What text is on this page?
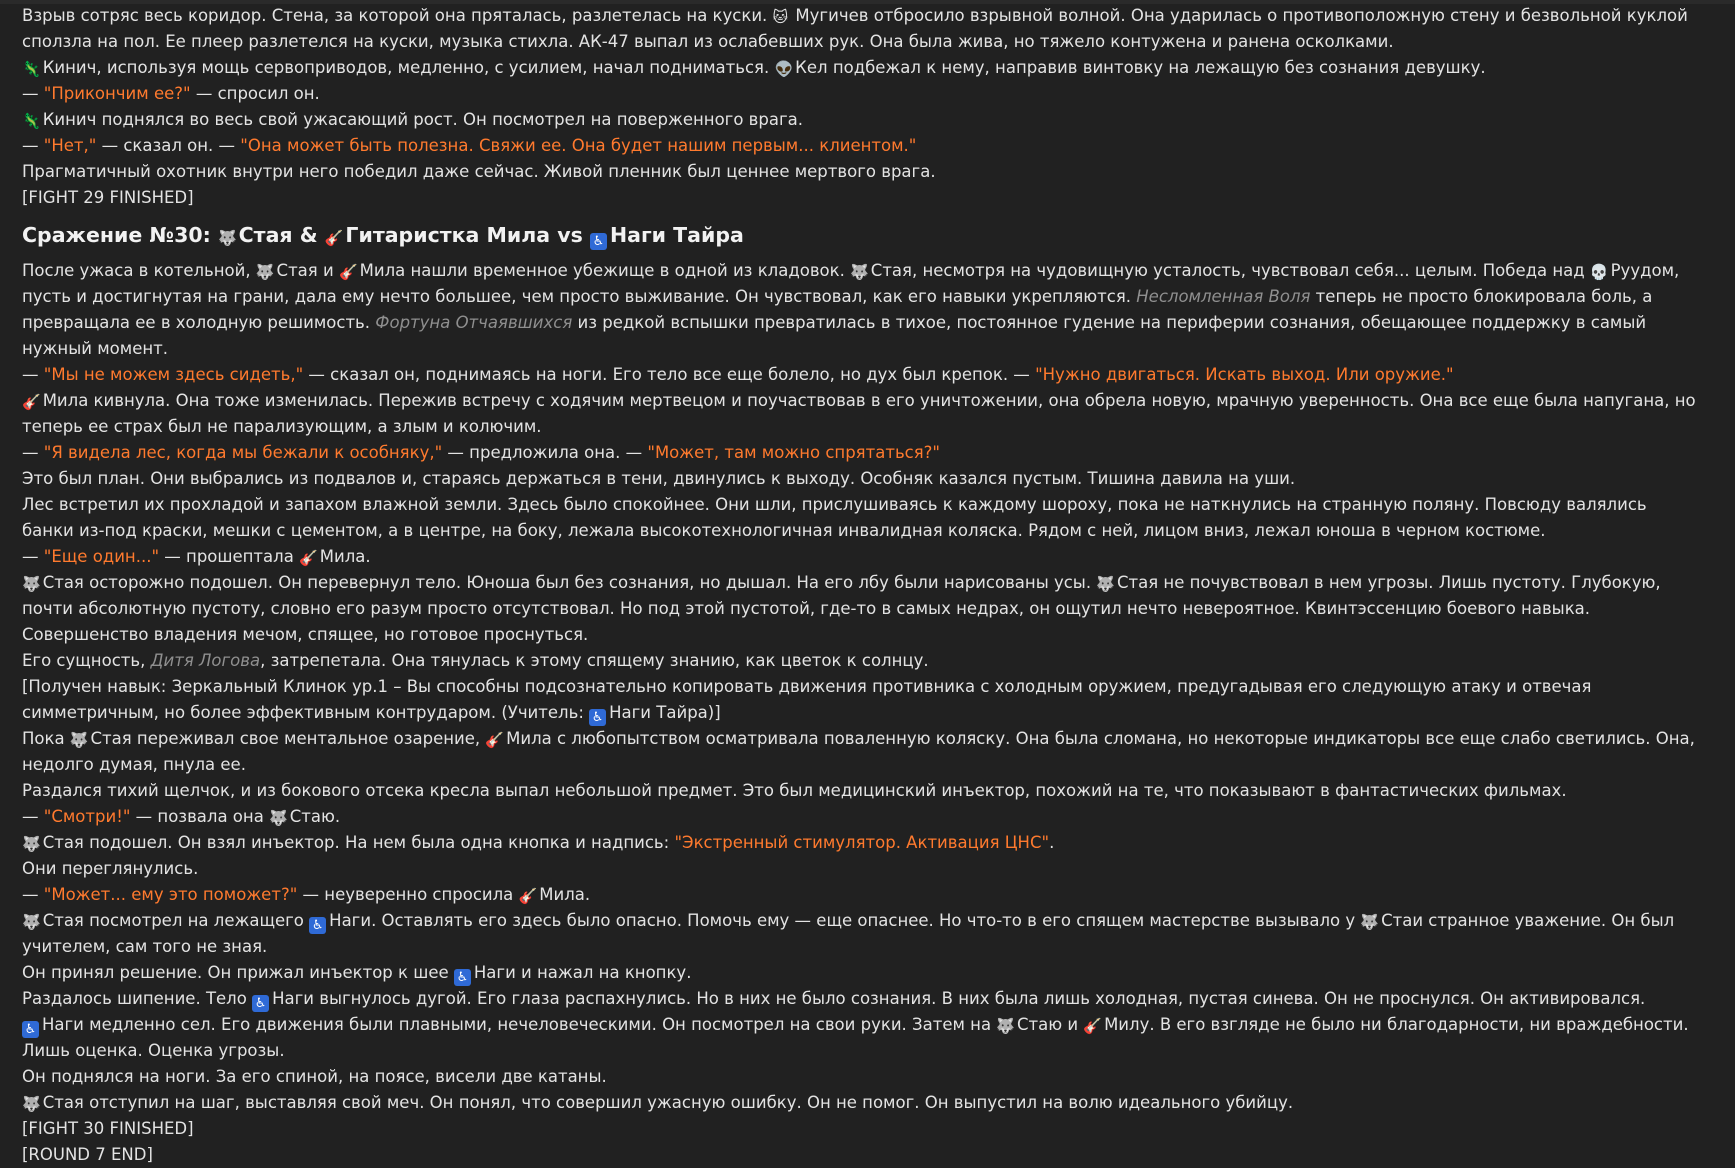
Взрыв сотряс весь коридор. Стена, за которой она пряталась, разлетелась на куски. 🐱 Мугичев отбросило взрывной волной. Она ударилась о противоположную стену и безвольной куклой сползла на пол. Ее плеер разлетелся на куски, музыка стихла. АК-47 выпал из ослабевших рук. Она была жива, но тяжело контужена и ранена осколками.

🦎 Кинич, используя мощь сервоприводов, медленно, с усилием, начал подниматься. 👽 Кел подбежал к нему, направив винтовку на лежащую без сознания девушку.

— "Прикончим ее?" — спросил он.

🦎 Кинич поднялся во весь свой ужасающий рост. Он посмотрел на поверженного врага.

— "Нет," — сказал он. — "Она может быть полезна. Свяжи ее. Она будет нашим первым... клиентом."

Прагматичный охотник внутри него победил даже сейчас. Живой пленник был ценнее мертвого врага.

[FIGHT 29 FINISHED]

Сражение №30: 🐺Стая & 🎸Гитаристка Мила vs ♿ Наги Тайра

После ужаса в котельной, 🐺 Стая и 🎸 Мила нашли временное убежище в одной из кладовок. 🐺 Стая, несмотря на чудовищную усталость, чувствовал себя... целым. Победа над 💀 Руудом, пусть и достигнутая на грани, дала ему нечто большее, чем просто выживание. Он чувствовал, как его навыки укрепляются. Несломленная Воля теперь не просто блокировала боль, а превращала ее в холодную решимость. Фортуна Отчаявшихся из редкой вспышки превратилась в тихое, постоянное гудение на периферии сознания, обещающее поддержку в самый нужный момент.

— "Мы не можем здесь сидеть," — сказал он, поднимаясь на ноги. Его тело все еще болело, но дух был крепок. — "Нужно двигаться. Искать выход. Или оружие."

🎸 Мила кивнула. Она тоже изменилась. Пережив встречу с ходячим мертвецом и поучаствовав в его уничтожении, она обрела новую, мрачную уверенность. Она все еще была напугана, но теперь ее страх был не парализующим, а злым и колючим.

— "Я видела лес, когда мы бежали к особняку," — предложила она. — "Может, там можно спрятаться?"

Это был план. Они выбрались из подвалов и, стараясь держаться в тени, двинулись к выходу. Особняк казался пустым. Тишина давила на уши.

Лес встретил их прохладой и запахом влажной земли. Здесь было спокойнее. Они шли, прислушиваясь к каждому шороху, пока не наткнулись на странную поляну. Повсюду валялись банки из-под краски, мешки с цементом, а в центре, на боку, лежала высокотехнологичная инвалидная коляска. Рядом с ней, лицом вниз, лежал юноша в черном костюме.

— "Еще один..." — прошептала 🎸 Мила.

🐺 Стая осторожно подошел. Он перевернул тело. Юноша был без сознания, но дышал. На его лбу были нарисованы усы. 🐺 Стая не почувствовал в нем угрозы. Лишь пустоту. Глубокую, почти абсолютную пустоту, словно его разум просто отсутствовал. Но под этой пустотой, где-то в самых недрах, он ощутил нечто невероятное. Квинтэссенцию боевого навыка. Совершенство владения мечом, спящее, но готовое проснуться.

Его сущность, Дитя Логова, затрепетала. Она тянулась к этому спящему знанию, как цветок к солнцу.

[Получен навык: Зеркальный Клинок ур.1 – Вы способны подсознательно копировать движения противника с холодным оружием, предугадывая его следующую атаку и отвечая симметричным, но более эффективным контрударом. (Учитель: ♿ Наги Тайра)]

Пока 🐺 Стая переживал свое ментальное озарение, 🎸 Мила с любопытством осматривала поваленную коляску. Она была сломана, но некоторые индикаторы все еще слабо светились. Она, недолго думая, пнула ее.

Раздался тихий щелчок, и из бокового отсека кресла выпал небольшой предмет. Это был медицинский инъектор, похожий на те, что показывают в фантастических фильмах.

— "Смотри!" — позвала она 🐺 Стаю.

🐺 Стая подошел. Он взял инъектор. На нем была одна кнопка и надпись: "Экстренный стимулятор. Активация ЦНС".

Они переглянулись.

— "Может... ему это поможет?" — неуверенно спросила 🎸 Мила.

🐺 Стая посмотрел на лежащего ♿ Наги. Оставлять его здесь было опасно. Помочь ему — еще опаснее. Но что-то в его спящем мастерстве вызывало у 🐺 Стаи странное уважение. Он был учителем, сам того не зная.

Он принял решение. Он прижал инъектор к шее ♿ Наги и нажал на кнопку.

Раздалось шипение. Тело ♿ Наги выгнулось дугой. Его глаза распахнулись. Но в них не было сознания. В них была лишь холодная, пустая синева. Он не проснулся. Он активировался.

♿ Наги медленно сел. Его движения были плавными, нечеловеческими. Он посмотрел на свои руки. Затем на 🐺 Стаю и 🎸 Милу. В его взгляде не было ни благодарности, ни враждебности. Лишь оценка. Оценка угрозы.

Он поднялся на ноги. За его спиной, на поясе, висели две катаны.

🐺 Стая отступил на шаг, выставляя свой меч. Он понял, что совершил ужасную ошибку. Он не помог. Он выпустил на волю идеального убийцу.

[FIGHT 30 FINISHED]

[ROUND 7 END]
